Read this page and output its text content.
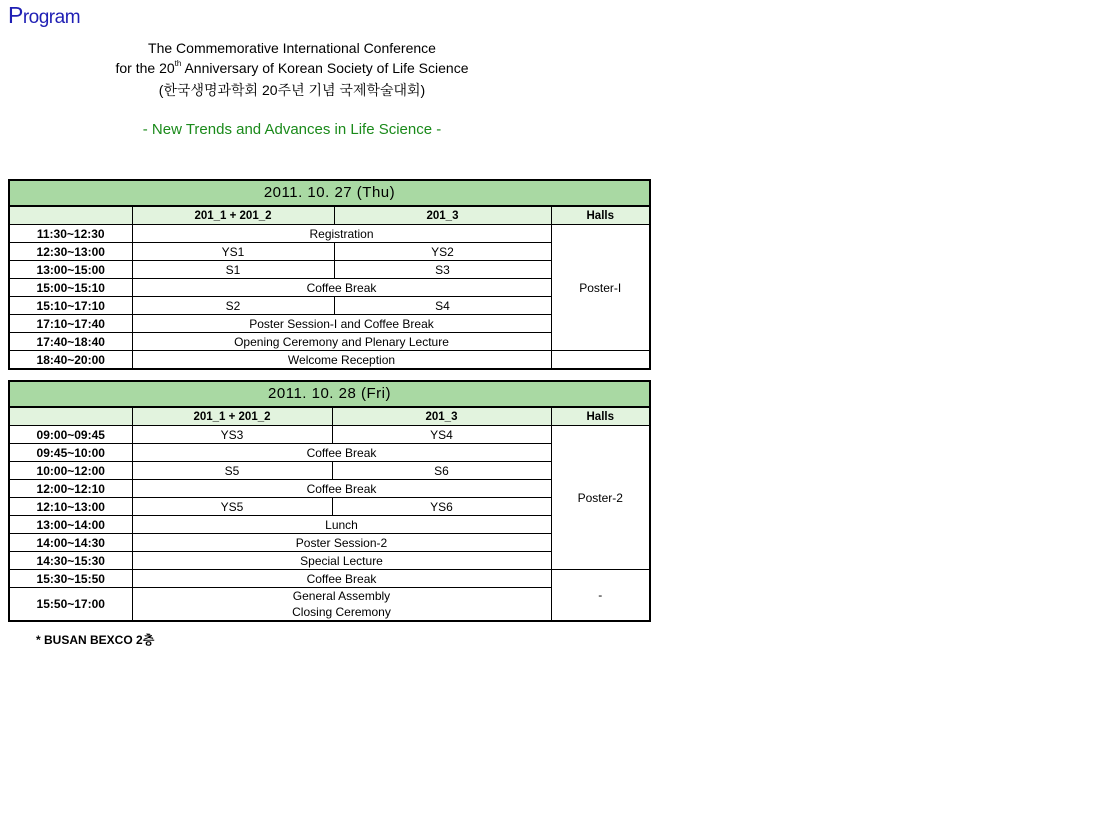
Program
The Commemorative International Conference
for the 20th Anniversary of Korean Society of Life Science
(한국생명과학회 20주년 기념 국제학술대회)
- New Trends and Advances in Life Science -
2011. 10. 27 (Thu)			
	201_1 + 201_2	201_3	Halls
11:30~12:30	Registration		Poster-I
12:30~13:00	YS1	YS2	
13:00~15:00	S1	S3	
15:00~15:10	Coffee Break		
15:10~17:10	S2	S4	
17:10~17:40	Poster Session-I and Coffee Break		
17:40~18:40	Opening Ceremony and Plenary Lecture		
18:40~20:00	Welcome Reception		
2011. 10. 28 (Fri)			
	201_1 + 201_2	201_3	Halls
09:00~09:45	YS3	YS4	Poster-2
09:45~10:00	Coffee Break		
10:00~12:00	S5	S6	
12:00~12:10	Coffee Break		
12:10~13:00	YS5	YS6	
13:00~14:00	Lunch		
14:00~14:30	Poster Session-2		
14:30~15:30	Special Lecture		
15:30~15:50	Coffee Break		-
15:50~17:00	General Assembly
Closing Ceremony		
* BUSAN BEXCO 2층
